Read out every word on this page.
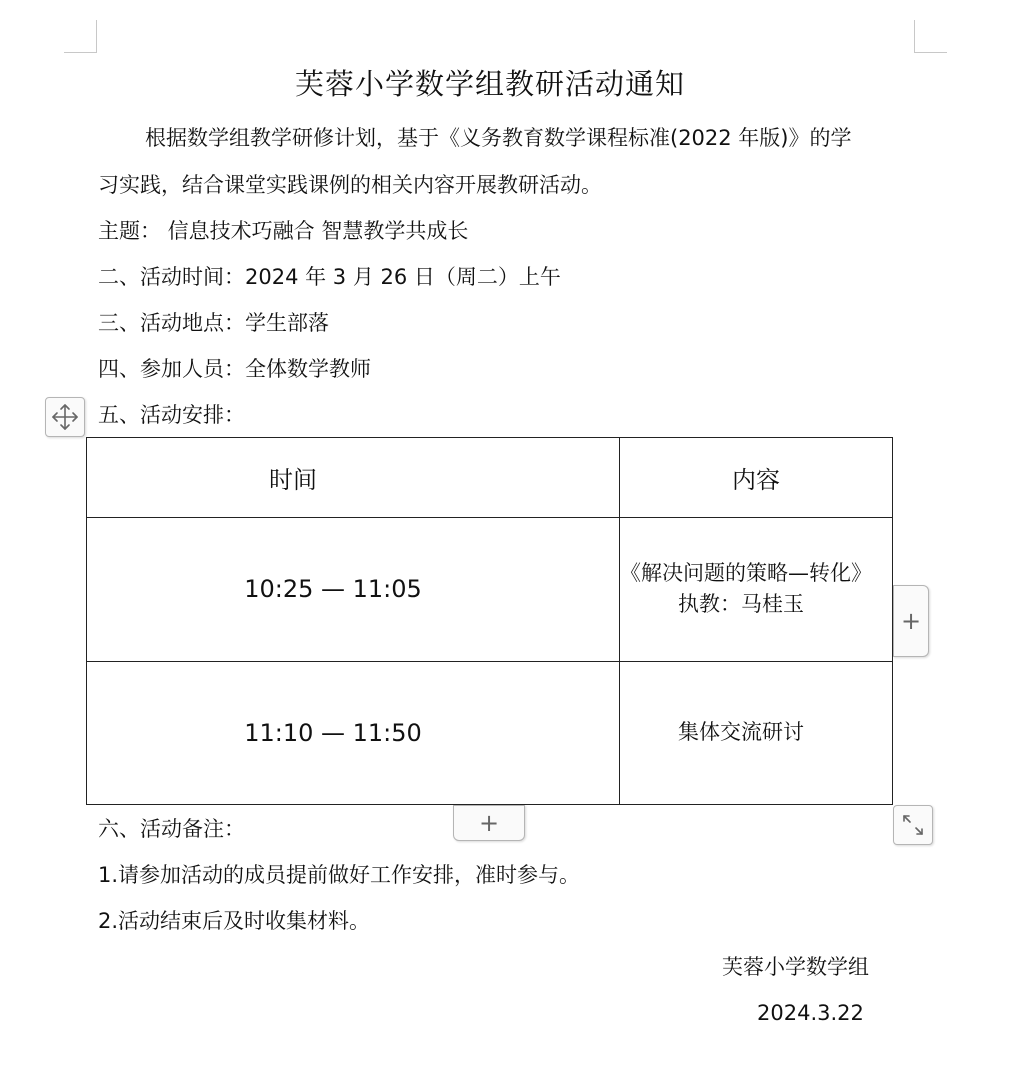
芙蓉小学数学组教研活动通知
根据数学组教学研修计划，基于《义务教育数学课程标准(2022 年版)》的学
习实践，结合课堂实践课例的相关内容开展教研活动。
主题： 信息技术巧融合 智慧教学共成长
二、活动时间：2024 年 3 月 26 日（周二）上午
三、活动地点：学生部落
四、参加人员：全体数学教师
五、活动安排：
时间	内容
10:25 — 11:05	《解决问题的策略—转化》
执教：马桂玉

11:10 — 11:50	集体交流研讨
+
+
六、活动备注：
1.请参加活动的成员提前做好工作安排，准时参与。
2.活动结束后及时收集材料。
芙蓉小学数学组
2024.3.22
